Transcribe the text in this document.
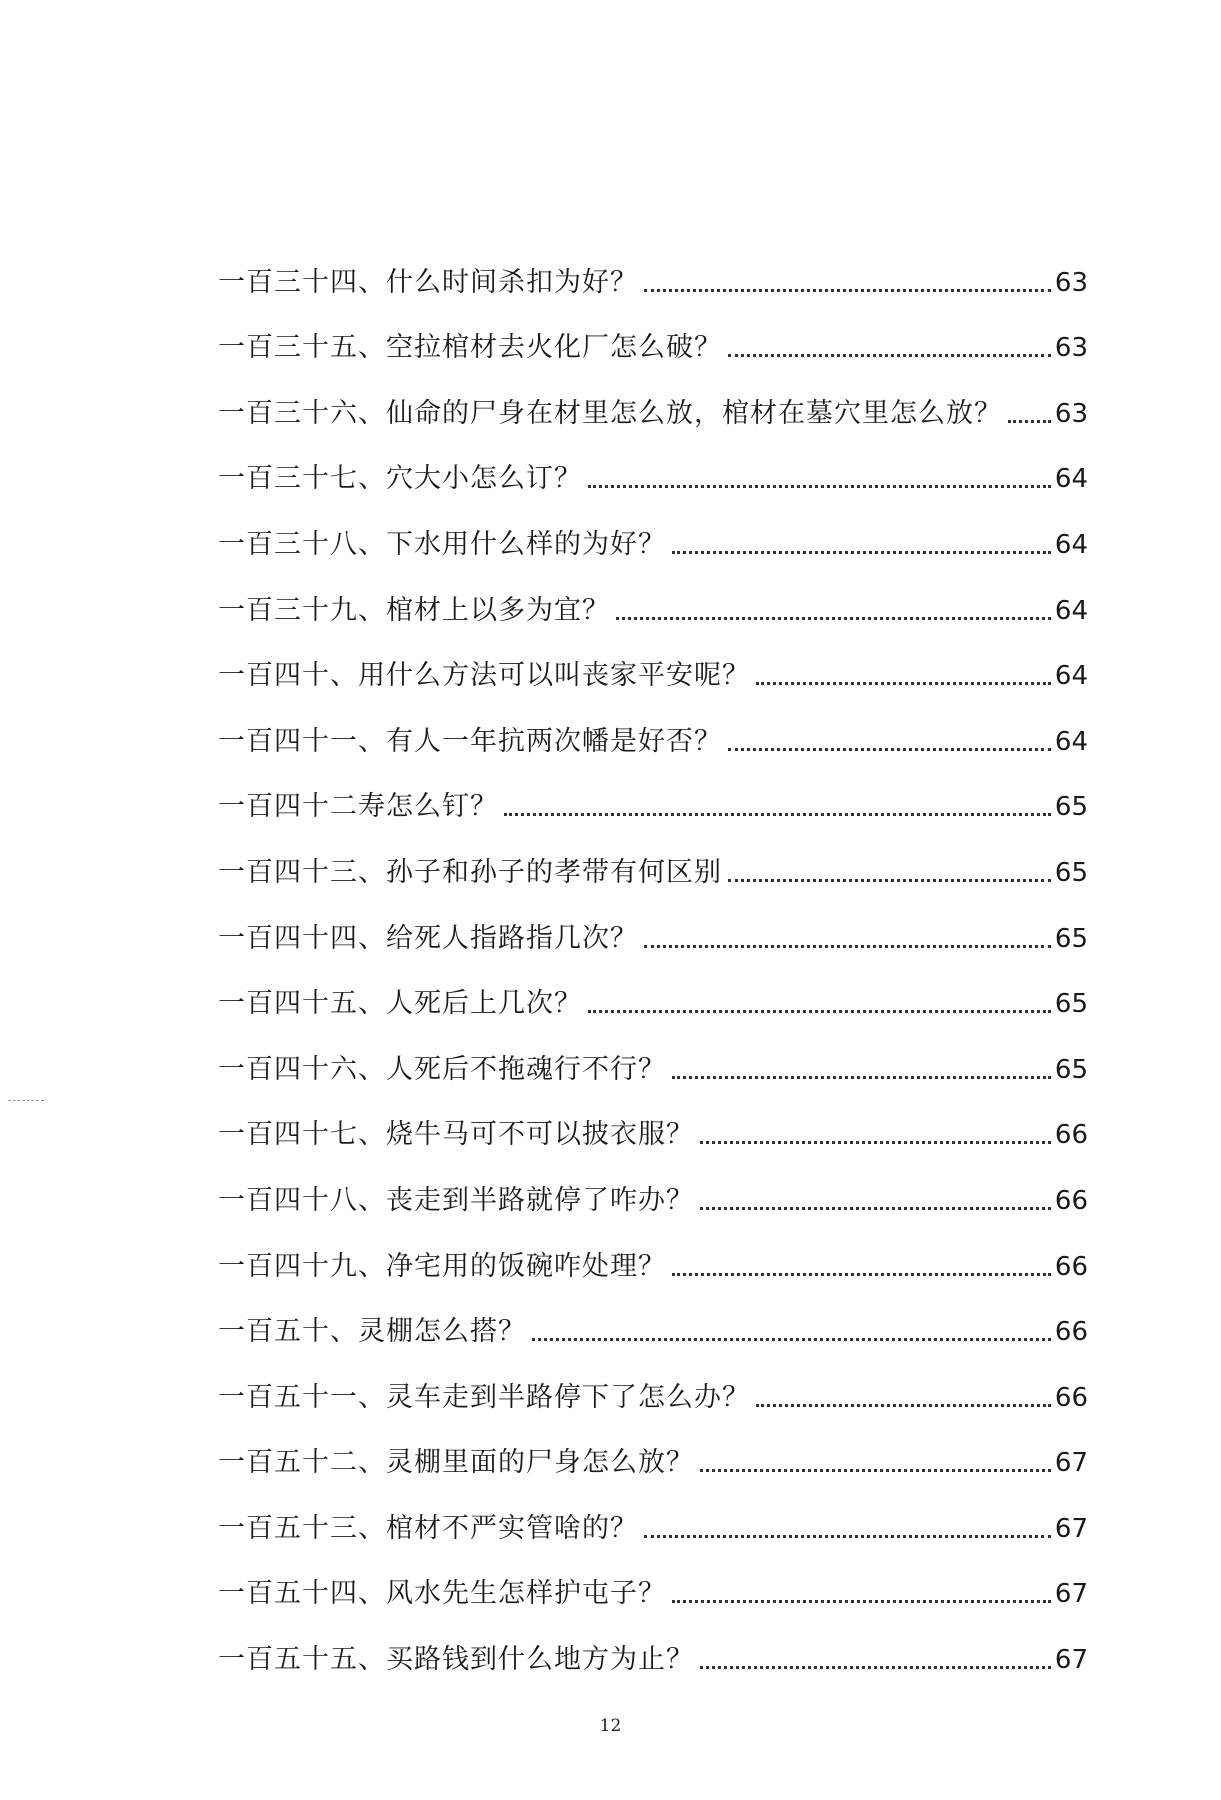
一百三十四、什么时间杀扣为好？	63
一百三十五、空拉棺材去火化厂怎么破？	63
一百三十六、仙命的尸身在材里怎么放，棺材在墓穴里怎么放？ 63
一百三十七、穴大小怎么订？	64
一百三十八、下水用什么样的为好？	64
一百三十九、棺材上以多为宜？	64
一百四十、用什么方法可以叫丧家平安呢？	64
一百四十一、有人一年抗两次幡是好否？	64
一百四十二寿怎么钉？	65
一百四十三、孙子和孙子的孝带有何区别	65
一百四十四、给死人指路指几次？	65
一百四十五、人死后上几次？	65
一百四十六、人死后不拖魂行不行？	65
一百四十七、烧牛马可不可以披衣服？	66
一百四十八、丧走到半路就停了咋办？	66
一百四十九、净宅用的饭碗咋处理？	66
一百五十、灵棚怎么搭？	66
一百五十一、灵车走到半路停下了怎么办？	66
一百五十二、灵棚里面的尸身怎么放？	67
一百五十三、棺材不严实管啥的？	67
一百五十四、风水先生怎样护屯子？	67
一百五十五、买路钱到什么地方为止？	67
12
